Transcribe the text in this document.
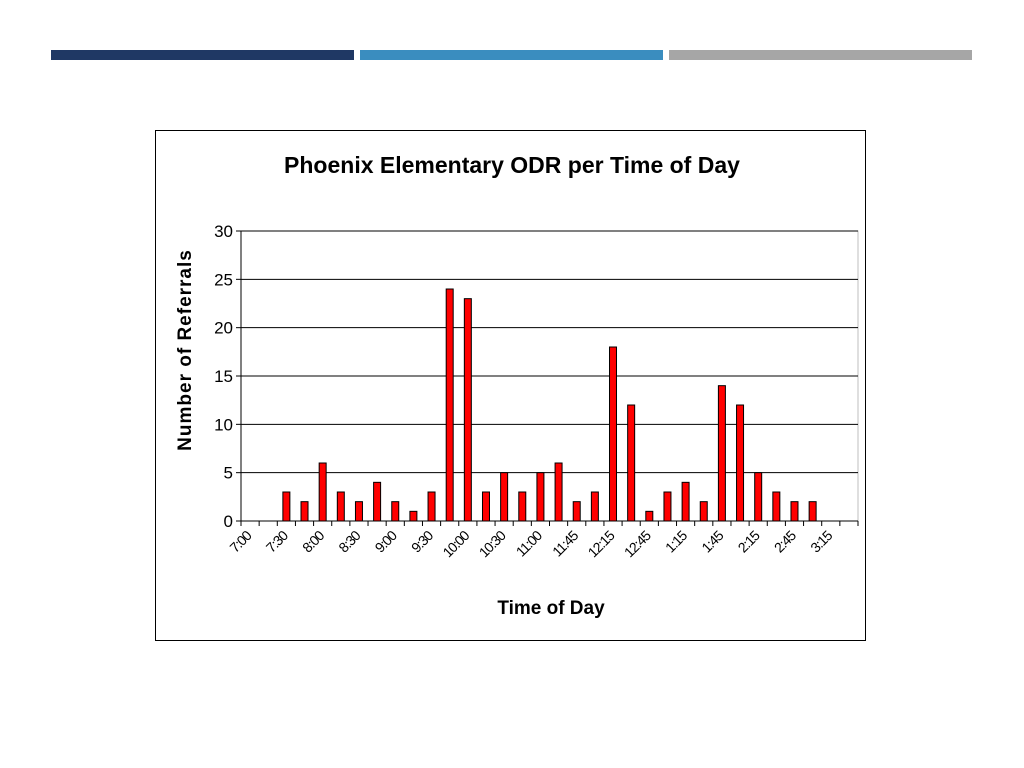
Phoenix Elementary ODR per Time of Day
Number of Referrals
Time of Day
0
5
10
15
20
25
30
7:00 7:30 8:00 8:30 9:00 9:30 10:00 10:30 11:00 11:45 12:15 12:45 1:15 1:45 2:15 2:45 3:15
